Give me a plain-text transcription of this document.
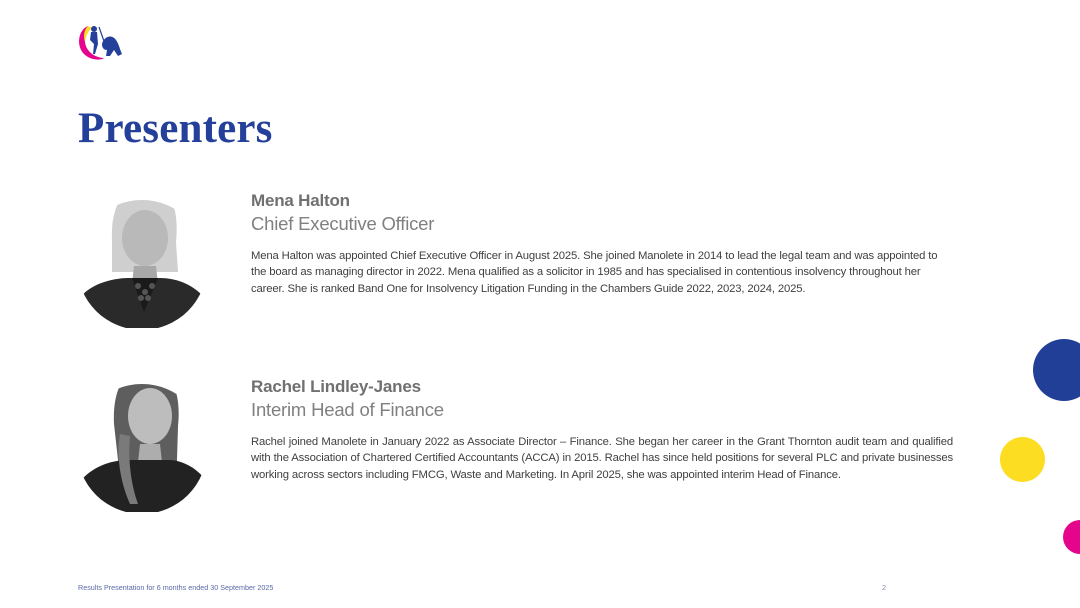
Presenters

Mena Halton

Chief Executive Officer

Mena Halton was appointed Chief Executive Officer in August 2025. She joined Manolete in 2014 to lead the legal team and was appointed to the board as managing director in 2022. Mena qualified as a solicitor in 1985 and has specialised in contentious insolvency throughout her career. She is ranked Band One for Insolvency Litigation Funding in the Chambers Guide 2022, 2023, 2024, 2025.

Rachel Lindley-Janes

Interim Head of Finance

Rachel joined Manolete in January 2022 as Associate Director – Finance. She began her career in the Grant Thornton audit team and qualified with the Association of Chartered Certified Accountants (ACCA) in 2015. Rachel has since held positions for several PLC and private businesses working across sectors including FMCG, Waste and Marketing. In April 2025, she was appointed interim Head of Finance.

Results Presentation for 6 months ended 30 September 2025	2
